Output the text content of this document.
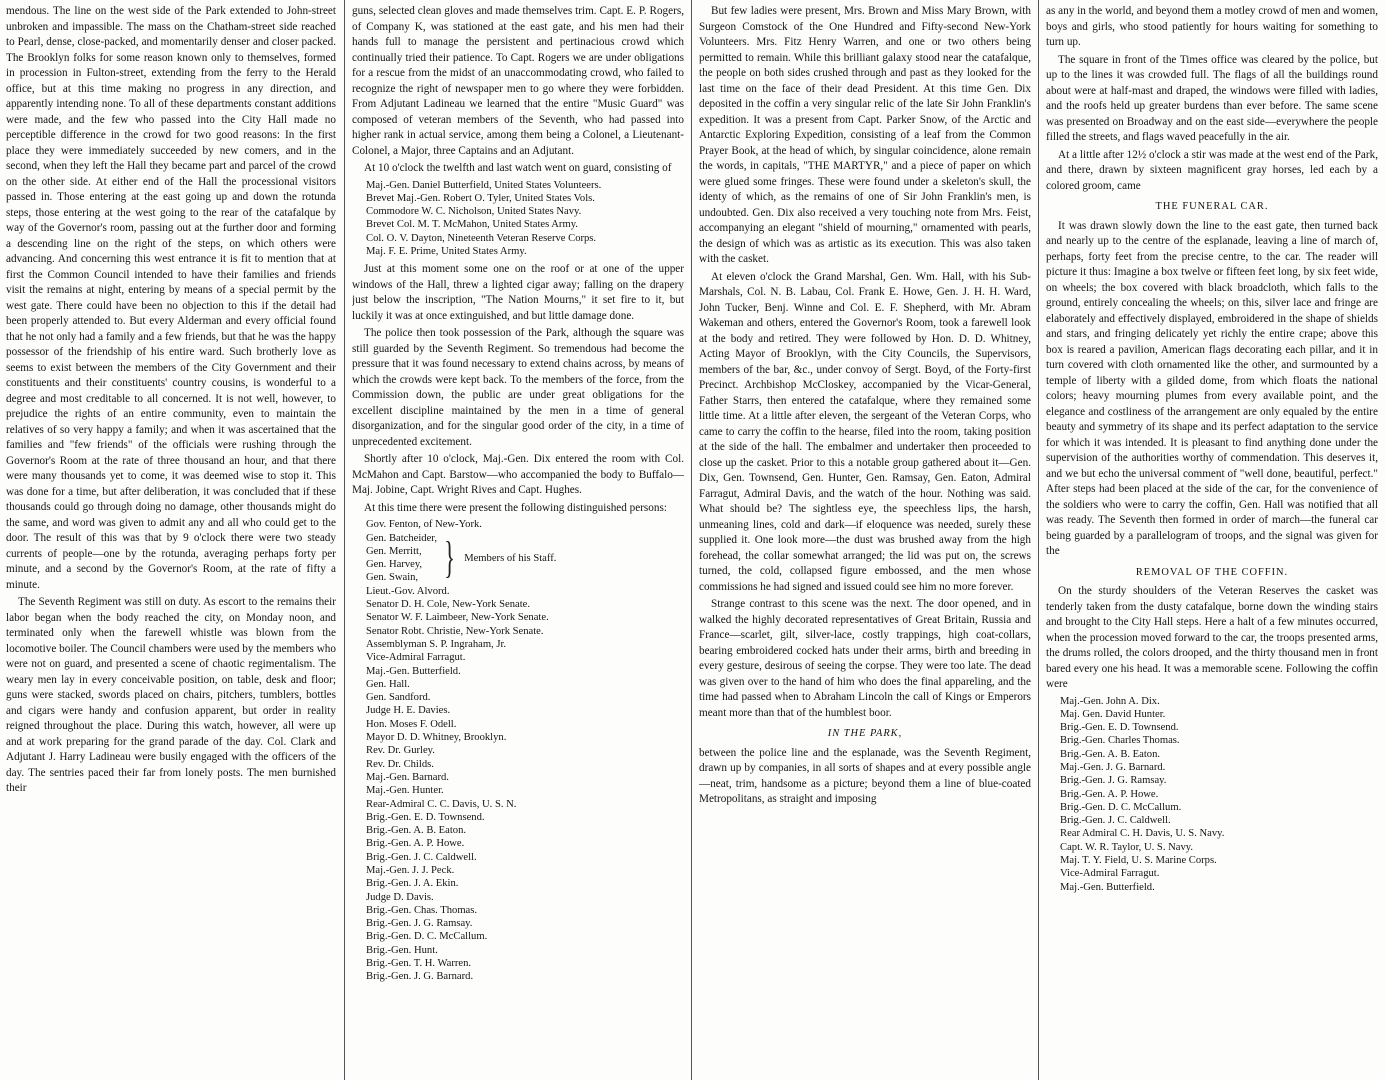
mendous. The line on the west side of the Park extended to John-street unbroken and impassible. The mass on the Chatham-street side reached to Pearl, dense, close-packed, and momentarily denser and closer packed. The Brooklyn folks for some reason known only to themselves, formed in procession in Fulton-street, extending from the ferry to the Herald office, but at this time making no progress in any direction, and apparently intending none. To all of these departments constant additions were made, and the few who passed into the City Hall made no perceptible difference in the crowd for two good reasons: In the first place they were immediately succeeded by new comers, and in the second, when they left the Hall they became part and parcel of the crowd on the other side. At either end of the Hall the processional visitors passed in. Those entering at the east going up and down the rotunda steps, those entering at the west going to the rear of the catafalque by way of the Governor's room, passing out at the further door and forming a descending line on the right of the steps, on which others were advancing. And concerning this west entrance it is fit to mention that at first the Common Council intended to have their families and friends visit the remains at night, entering by means of a special permit by the west gate. There could have been no objection to this if the detail had been properly attended to. But every Alderman and every official found that he not only had a family and a few friends, but that he was the happy possessor of the friendship of his entire ward. Such brotherly love as seems to exist between the members of the City Government and their constituents and their constituents' country cousins, is wonderful to a degree and most creditable to all concerned. It is not well, however, to prejudice the rights of an entire community, even to maintain the relatives of so very happy a family; and when it was ascertained that the families and "few friends" of the officials were rushing through the Governor's Room at the rate of three thousand an hour, and that there were many thousands yet to come, it was deemed wise to stop it. This was done for a time, but after deliberation, it was concluded that if these thousands could go through doing no damage, other thousands might do the same, and word was given to admit any and all who could get to the door. The result of this was that by 9 o'clock there were two steady currents of people—one by the rotunda, averaging perhaps forty per minute, and a second by the Governor's Room, at the rate of fifty a minute.

The Seventh Regiment was still on duty. As escort to the remains their labor began when the body reached the city, on Monday noon, and terminated only when the farewell whistle was blown from the locomotive boiler. The Council chambers were used by the members who were not on guard, and presented a scene of chaotic regimentalism. The weary men lay in every conceivable position, on table, desk and floor; guns were stacked, swords placed on chairs, pitchers, tumblers, bottles and cigars were handy and confusion apparent, but order in reality reigned throughout the place. During this watch, however, all were up and at work preparing for the grand parade of the day. Col. Clark and Adjutant J. Harry Ladineau were busily engaged with the officers of the day. The sentries paced their far from lonely posts. The men burnished their

guns, selected clean gloves and made themselves trim. Capt. E. P. Rogers, of Company K, was stationed at the east gate, and his men had their hands full to manage the persistent and pertinacious crowd which continually tried their patience. To Capt. Rogers we are under obligations for a rescue from the midst of an unaccommodating crowd, who failed to recognize the right of newspaper men to go where they were forbidden. From Adjutant Ladineau we learned that the entire "Music Guard" was composed of veteran members of the Seventh, who had passed into higher rank in actual service, among them being a Colonel, a Lieutenant-Colonel, a Major, three Captains and an Adjutant.

At 10 o'clock the twelfth and last watch went on guard, consisting of

Maj.-Gen. Daniel Butterfield, United States Volunteers.
Brevet Maj.-Gen. Robert O. Tyler, United States Vols.
Commodore W. C. Nicholson, United States Navy.
Brevet Col. M. T. McMahon, United States Army.
Col. O. V. Dayton, Nineteenth Veteran Reserve Corps.
Maj. F. E. Prime, United States Army.

Just at this moment some one on the roof or at one of the upper windows of the Hall, threw a lighted cigar away; falling on the drapery just below the inscription, "The Nation Mourns," it set fire to it, but luckily it was at once extinguished, and but little damage done.

The police then took possession of the Park, although the square was still guarded by the Seventh Regiment. So tremendous had become the pressure that it was found necessary to extend chains across, by means of which the crowds were kept back. To the members of the force, from the Commission down, the public are under great obligations for the excellent discipline maintained by the men in a time of general disorganization, and for the singular good order of the city, in a time of unprecedented excitement.

Shortly after 10 o'clock, Maj.-Gen. Dix entered the room with Col. McMahon and Capt. Barstow—who accompanied the body to Buffalo—Maj. Jobine, Capt. Wright Rives and Capt. Hughes.

At this time there were present the following distinguished persons:

Gov. Fenton, of New-York.
Gen. Batcheider,
Gen. Merritt,
Gen. Harvey,
Gen. Swain, } Members of his Staff.
Lieut.-Gov. Alvord.
Senator D. H. Cole, New-York Senate.
Senator W. F. Laimbeer, New-York Senate.
Senator Robt. Christie, New-York Senate.
Assemblyman S. P. Ingraham, Jr.
Vice-Admiral Farragut.
Maj.-Gen. Butterfield.
Gen. Hall.
Gen. Sandford.
Judge H. E. Davies.
Hon. Moses F. Odell.
Mayor D. D. Whitney, Brooklyn.
Rev. Dr. Gurley.
Rev. Dr. Childs.
Maj.-Gen. Barnard.
Maj.-Gen. Hunter.
Rear-Admiral C. C. Davis, U. S. N.
Brig.-Gen. E. D. Townsend.
Brig.-Gen. A. B. Eaton.
Brig.-Gen. A. P. Howe.
Brig.-Gen. J. C. Caldwell.
Maj.-Gen. J. J. Peck.
Brig.-Gen. J. A. Ekin.
Judge D. Davis.
Brig.-Gen. Chas. Thomas.
Brig.-Gen. J. G. Ramsay.
Brig.-Gen. D. C. McCallum.
Brig.-Gen. Hunt.
Brig.-Gen. T. H. Warren.
Brig.-Gen. J. G. Barnard.

But few ladies were present, Mrs. Brown and Miss Mary Brown, with Surgeon Comstock of the One Hundred and Fifty-second New-York Volunteers. Mrs. Fitz Henry Warren, and one or two others being permitted to remain. While this brilliant galaxy stood near the catafalque, the people on both sides crushed through and past as they looked for the last time on the face of their dead President. At this time Gen. Dix deposited in the coffin a very singular relic of the late Sir John Franklin's expedition. It was a present from Capt. Parker Snow, of the Arctic and Antarctic Exploring Expedition, consisting of a leaf from the Common Prayer Book, at the head of which, by singular coincidence, alone remain the words, in capitals, "THE MARTYR," and a piece of paper on which were glued some fringes. These were found under a skeleton's skull, the identy of which, as the remains of one of Sir John Franklin's men, is undoubted. Gen. Dix also received a very touching note from Mrs. Feist, accompanying an elegant "shield of mourning," ornamented with pearls, the design of which was as artistic as its execution. This was also taken with the casket.

At eleven o'clock the Grand Marshal, Gen. Wm. Hall, with his Sub-Marshals, Col. N. B. Labau, Col. Frank E. Howe, Gen. J. H. H. Ward, John Tucker, Benj. Winne and Col. E. F. Shepherd, with Mr. Abram Wakeman and others, entered the Governor's Room, took a farewell look at the body and retired. They were followed by Hon. D. D. Whitney, Acting Mayor of Brooklyn, with the City Councils, the Supervisors, members of the bar, &c., under convoy of Sergt. Boyd, of the Forty-first Precinct. Archbishop McCloskey, accompanied by the Vicar-General, Father Starrs, then entered the catafalque, where they remained some little time. At a little after eleven, the sergeant of the Veteran Corps, who came to carry the coffin to the hearse, filed into the room, taking position at the side of the hall. The embalmer and undertaker then proceeded to close up the casket. Prior to this a notable group gathered about it—Gen. Dix, Gen. Townsend, Gen. Hunter, Gen. Ramsay, Gen. Eaton, Admiral Farragut, Admiral Davis, and the watch of the hour. Nothing was said. What should be? The sightless eye, the speechless lips, the harsh, unmeaning lines, cold and dark—if eloquence was needed, surely these supplied it. One look more—the dust was brushed away from the high forehead, the collar somewhat arranged; the lid was put on, the screws turned, the cold, collapsed figure embossed, and the men whose commissions he had signed and issued could see him no more forever.

Strange contrast to this scene was the next. The door opened, and in walked the highly decorated representatives of Great Britain, Russia and France—scarlet, gilt, silver-lace, costly trappings, high coat-collars, bearing embroidered cocked hats under their arms, birth and breeding in every gesture, desirous of seeing the corpse. They were too late. The dead was given over to the hand of him who does the final appareling, and the time had passed when to Abraham Lincoln the call of Kings or Emperors meant more than that of the humblest boor.

IN THE PARK,

between the police line and the esplanade, was the Seventh Regiment, drawn up by companies, in all sorts of shapes and at every possible angle—neat, trim, handsome as a picture; beyond them a line of blue-coated Metropolitans, as straight and imposing

as any in the world, and beyond them a motley crowd of men and women, boys and girls, who stood patiently for hours waiting for something to turn up.

The square in front of the Times office was cleared by the police, but up to the lines it was crowded full. The flags of all the buildings round about were at half-mast and draped, the windows were filled with ladies, and the roofs held up greater burdens than ever before. The same scene was presented on Broadway and on the east side—everywhere the people filled the streets, and flags waved peacefully in the air.

At a little after 12½ o'clock a stir was made at the west end of the Park, and there, drawn by sixteen magnificent gray horses, led each by a colored groom, came

THE FUNERAL CAR.

It was drawn slowly down the line to the east gate, then turned back and nearly up to the centre of the esplanade, leaving a line of march of, perhaps, forty feet from the precise centre, to the car. The reader will picture it thus: Imagine a box twelve or fifteen feet long, by six feet wide, on wheels; the box covered with black broadcloth, which falls to the ground, entirely concealing the wheels; on this, silver lace and fringe are elaborately and effectively displayed, embroidered in the shape of shields and stars, and fringing delicately yet richly the entire crape; above this box is reared a pavilion, American flags decorating each pillar, and it in turn covered with cloth ornamented like the other, and surmounted by a temple of liberty with a gilded dome, from which floats the national colors; heavy mourning plumes from every available point, and the elegance and costliness of the arrangement are only equaled by the entire beauty and symmetry of its shape and its perfect adaptation to the service for which it was intended. It is pleasant to find anything done under the supervision of the authorities worthy of commendation. This deserves it, and we but echo the universal comment of "well done, beautiful, perfect." After steps had been placed at the side of the car, for the convenience of the soldiers who were to carry the coffin, Gen. Hall was notified that all was ready. The Seventh then formed in order of march—the funeral car being guarded by a parallelogram of troops, and the signal was given for the

REMOVAL OF THE COFFIN.

On the sturdy shoulders of the Veteran Reserves the casket was tenderly taken from the dusty catafalque, borne down the winding stairs and brought to the City Hall steps. Here a halt of a few minutes occurred, when the procession moved forward to the car, the troops presented arms, the drums rolled, the colors drooped, and the thirty thousand men in front bared every one his head. It was a memorable scene. Following the coffin were

Maj.-Gen. John A. Dix.
Maj. Gen. David Hunter.
Brig.-Gen. E. D. Townsend.
Brig.-Gen. Charles Thomas.
Brig.-Gen. A. B. Eaton.
Maj.-Gen. J. G. Barnard.
Brig.-Gen. J. G. Ramsay.
Brig.-Gen. A. P. Howe.
Brig.-Gen. D. C. McCallum.
Brig.-Gen. J. C. Caldwell.
Rear Admiral C. H. Davis, U. S. Navy.
Capt. W. R. Taylor, U. S. Navy.
Maj. T. Y. Field, U. S. Marine Corps.
Vice-Admiral Farragut.
Maj.-Gen. Butterfield.
